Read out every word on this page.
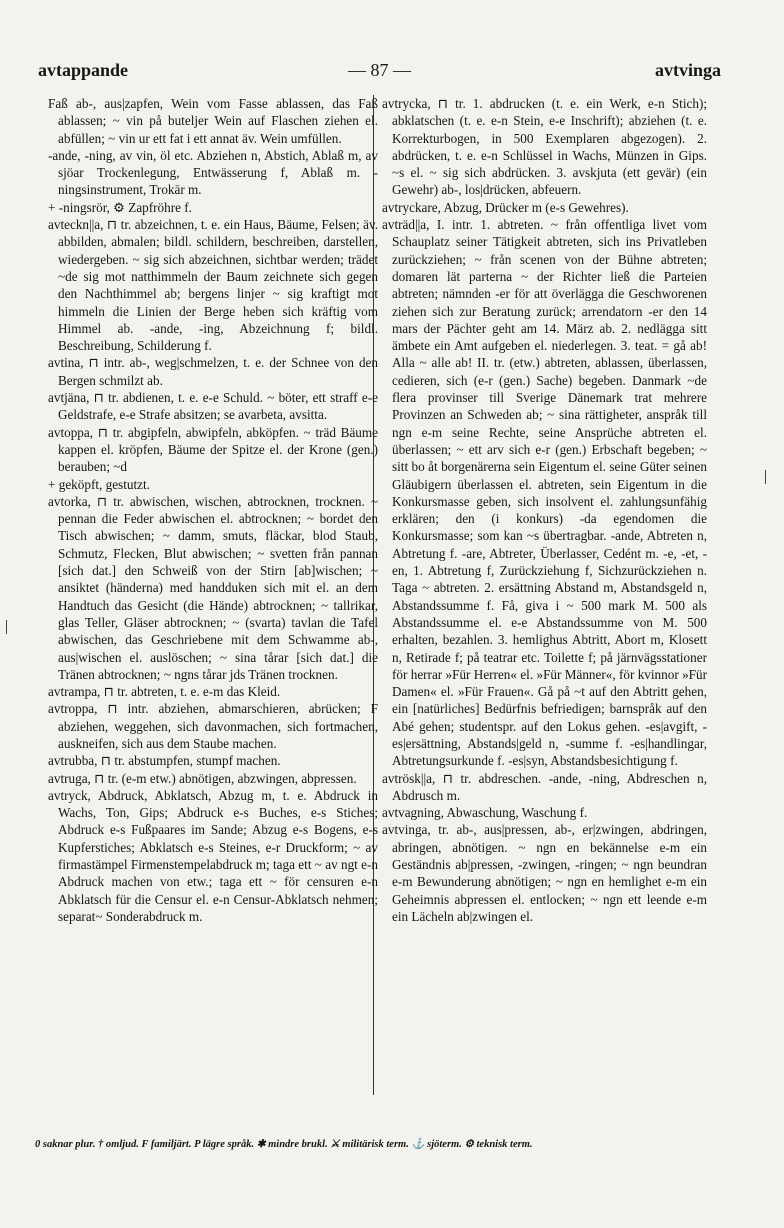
avtappande	— 87 —	avtvinga

Faß ab-, aus|zapfen, Wein vom Fasse ablassen, das Faß ablassen; ~ vin på buteljer Wein auf Flaschen ziehen el. abfüllen; ~ vin ur ett fat i ett annat äv. Wein umfüllen.

-ande, -ning, av vin, öl etc. Abziehen n, Abstich, Ablaß m, av sjöar Trockenlegung, Entwässerung f, Ablaß m. -ningsinstrument, Trokār m.

+ -ningsrör, ⚙ Zapfröhre f.

avteckn||a, ⊓ tr. abzeichnen, t. e. ein Haus, Bäume, Felsen; äv. abbilden, abmalen; bildl. schildern, beschreiben, darstellen, wiedergeben. ~ sig sich abzeichnen, sichtbar werden; trädet ~de sig mot natthimmeln der Baum zeichnete sich gegen den Nachthimmel ab; bergens linjer ~ sig kraftigt mot himmeln die Linien der Berge heben sich kräftig vom Himmel ab. -ande, -ing, Abzeichnung f; bildl. Beschreibung, Schilderung f.

avtina, ⊓ intr. ab-, weg|schmelzen, t. e. der Schnee von den Bergen schmilzt ab.

avtjäna, ⊓ tr. abdienen, t. e. e-e Schuld. ~ böter, ett straff e-e Geldstrafe, e-e Strafe absitzen; se avarbeta, avsitta.

avtoppa, ⊓ tr. abgipfeln, abwipfeln, abköpfen. ~ träd Bäume kappen el. kröpfen, Bäume der Spitze el. der Krone (gen.) berauben; ~d

+ geköpft, gestutzt.

avtorka, ⊓ tr. abwischen, wischen, abtrocknen, trocknen. ~ pennan die Feder abwischen el. abtrocknen; ~ bordet den Tisch abwischen; ~ damm, smuts, fläckar, blod Staub, Schmutz, Flecken, Blut abwischen; ~ svetten från pannan [sich dat.] den Schweiß von der Stirn [ab]wischen; ~ ansiktet (händerna) med handduken sich mit el. an dem Handtuch das Gesicht (die Hände) abtrocknen; ~ tallrikar, glas Teller, Gläser abtrocknen; ~ (svarta) tavlan die Tafel abwischen, das Geschriebene mit dem Schwamme ab-, aus|wischen el. auslöschen; ~ sina tårar [sich dat.] die Tränen abtrocknen; ~ ngns tårar jds Tränen trocknen.

avtrampa, ⊓ tr. abtreten, t. e. e-m das Kleid.

avtroppa, ⊓ intr. abziehen, abmarschieren, abrücken; F abziehen, weggehen, sich davonmachen, sich fortmachen, auskneifen, sich aus dem Staube machen.

avtrubba, ⊓ tr. abstumpfen, stumpf machen.

avtruga, ⊓ tr. (e-m etw.) abnötigen, abzwingen, abpressen.

avtryck, Abdruck, Abklatsch, Abzug m, t. e. Abdruck in Wachs, Ton, Gips; Abdruck e-s Buches, e-s Stiches; Abdruck e-s Fußpaares im Sande; Abzug e-s Bogens, e-s Kupferstiches; Abklatsch e-s Steines, e-r Druckform; ~ av firmastämpel Firmenstempelabdruck m; taga ett ~ av ngt e-n Abdruck machen von etw.; taga ett ~ för censuren e-n Abklatsch für die Censur el. e-n Censur-Abklatsch nehmen; separat~ Sonderabdruck m.

avtrycka, ⊓ tr. 1. abdrucken (t. e. ein Werk, e-n Stich); abklatschen (t. e. e-n Stein, e-e Inschrift); abziehen (t. e. Korrekturbogen, in 500 Exemplaren abgezogen). 2. abdrücken, t. e. e-n Schlüssel in Wachs, Münzen in Gips. ~s el. ~ sig sich abdrücken. 3. avskjuta (ett gevär) (ein Gewehr) ab-, los|drücken, abfeuern.

avtryckare, Abzug, Drücker m (e-s Gewehres).

avträd||a, I. intr. 1. abtreten. ~ från offentliga livet vom Schauplatz seiner Tätigkeit abtreten, sich ins Privatleben zurückziehen; ~ från scenen von der Bühne abtreten; domaren lät parterna ~ der Richter ließ die Parteien abtreten; nämnden -er för att överlägga die Geschworenen ziehen sich zur Beratung zurück; arrendatorn -er den 14 mars der Pächter geht am 14. März ab. 2. nedlägga sitt ämbete ein Amt aufgeben el. niederlegen. 3. teat. = gå ab! Alla ~ alle ab! II. tr. (etw.) abtreten, ablassen, überlassen, cedieren, sich (e-r (gen.) Sache) begeben. Danmark ~de flera provinser till Sverige Dänemark trat mehrere Provinzen an Schweden ab; ~ sina rättigheter, anspråk till ngn e-m seine Rechte, seine Ansprüche abtreten el. überlassen; ~ ett arv sich e-r (gen.) Erbschaft begeben; ~ sitt bo åt borgenärerna sein Eigentum el. seine Güter seinen Gläubigern überlassen el. abtreten, sein Eigentum in die Konkursmasse geben, sich insolvent el. zahlungsunfähig erklären; den (i konkurs) -da egendomen die Konkursmasse; som kan ~s übertragbar. -ande, Abtreten n, Abtretung f. -are, Abtreter, Überlasser, Cedént m. -e, -et, -en, 1. Abtretung f, Zurückziehung f, Sichzurückziehen n. Taga ~ abtreten. 2. ersättning Abstand m, Abstandsgeld n, Abstandssumme f. Få, giva i ~ 500 mark M. 500 als Abstandssumme el. e-e Abstandssumme von M. 500 erhalten, bezahlen. 3. hemlighus Abtritt, Abort m, Klosett n, Retirade f; på teatrar etc. Toilette f; på järnvägsstationer för herrar »Für Herren« el. »Für Männer«, för kvinnor »Für Damen« el. »Für Frauen«. Gå på ~t auf den Abtritt gehen, ein [natürliches] Bedürfnis befriedigen; barnspråk auf den Abé gehen; studentspr. auf den Lokus gehen. -es|avgift, -es|ersättning, Abstands|geld n, -summe f. -es|handlingar, Abtretungsurkunde f. -es|syn, Abstandsbesichtigung f.

avtrösk||a, ⊓ tr. abdreschen. -ande, -ning, Abdreschen n, Abdrusch m.

avtvagning, Abwaschung, Waschung f.

avtvinga, tr. ab-, aus|pressen, ab-, er|zwingen, abdringen, abringen, abnötigen. ~ ngn en bekännelse e-m ein Geständnis ab|pressen, -zwingen, -ringen; ~ ngn beundran e-m Bewunderung abnötigen; ~ ngn en hemlighet e-m ein Geheimnis abpressen el. entlocken; ~ ngn ett leende e-m ein Lächeln ab|zwingen el.

0 saknar plur. † omljud. F familjärt. P lägre språk. ✱ mindre brukl. ⚔ militärisk term. ⚓ sjöterm. ⚙ teknisk term.
